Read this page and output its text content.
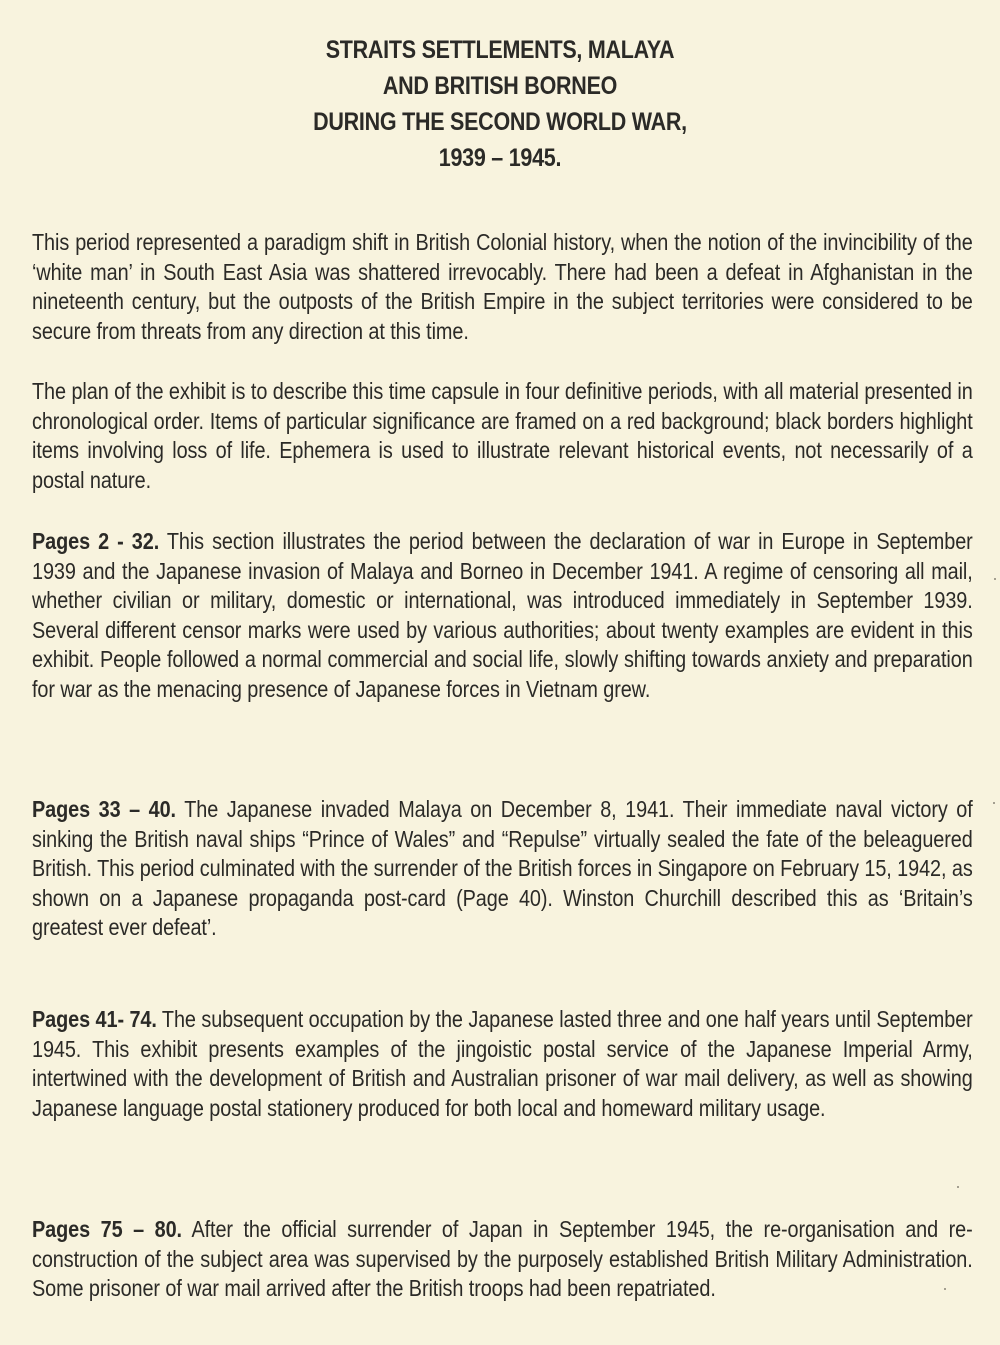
STRAITS SETTLEMENTS, MALAYA
AND BRITISH BORNEO
DURING THE SECOND WORLD WAR,
1939 – 1945.
This period represented a paradigm shift in British Colonial history, when the notion of the invincibility of the ‘white man’ in South East Asia was shattered irrevocably. There had been a defeat in Afghanistan in the nineteenth century, but the outposts of the British Empire in the subject territories were considered to be secure from threats from any direction at this time.
The plan of the exhibit is to describe this time capsule in four definitive periods, with all material presented in chronological order. Items of particular significance are framed on a red background; black borders highlight items involving loss of life. Ephemera is used to illustrate relevant historical events, not necessarily of a postal nature.
Pages 2 - 32. This section illustrates the period between the declaration of war in Europe in September 1939 and the Japanese invasion of Malaya and Borneo in December 1941. A regime of censoring all mail, whether civilian or military, domestic or international, was introduced immediately in September 1939. Several different censor marks were used by various authorities; about twenty examples are evident in this exhibit. People followed a normal commercial and social life, slowly shifting towards anxiety and preparation for war as the menacing presence of Japanese forces in Vietnam grew.
Pages 33 – 40. The Japanese invaded Malaya on December 8, 1941. Their immediate naval victory of sinking the British naval ships “Prince of Wales” and “Repulse” virtually sealed the fate of the beleaguered British. This period culminated with the surrender of the British forces in Singapore on February 15, 1942, as shown on a Japanese propaganda post-card (Page 40). Winston Churchill described this as ‘Britain’s greatest ever defeat’.
Pages 41- 74. The subsequent occupation by the Japanese lasted three and one half years until September 1945. This exhibit presents examples of the jingoistic postal service of the Japanese Imperial Army, intertwined with the development of British and Australian prisoner of war mail delivery, as well as showing Japanese language postal stationery produced for both local and homeward military usage.
Pages 75 – 80. After the official surrender of Japan in September 1945, the re-organisation and re-construction of the subject area was supervised by the purposely established British Military Administration. Some prisoner of war mail arrived after the British troops had been repatriated.
